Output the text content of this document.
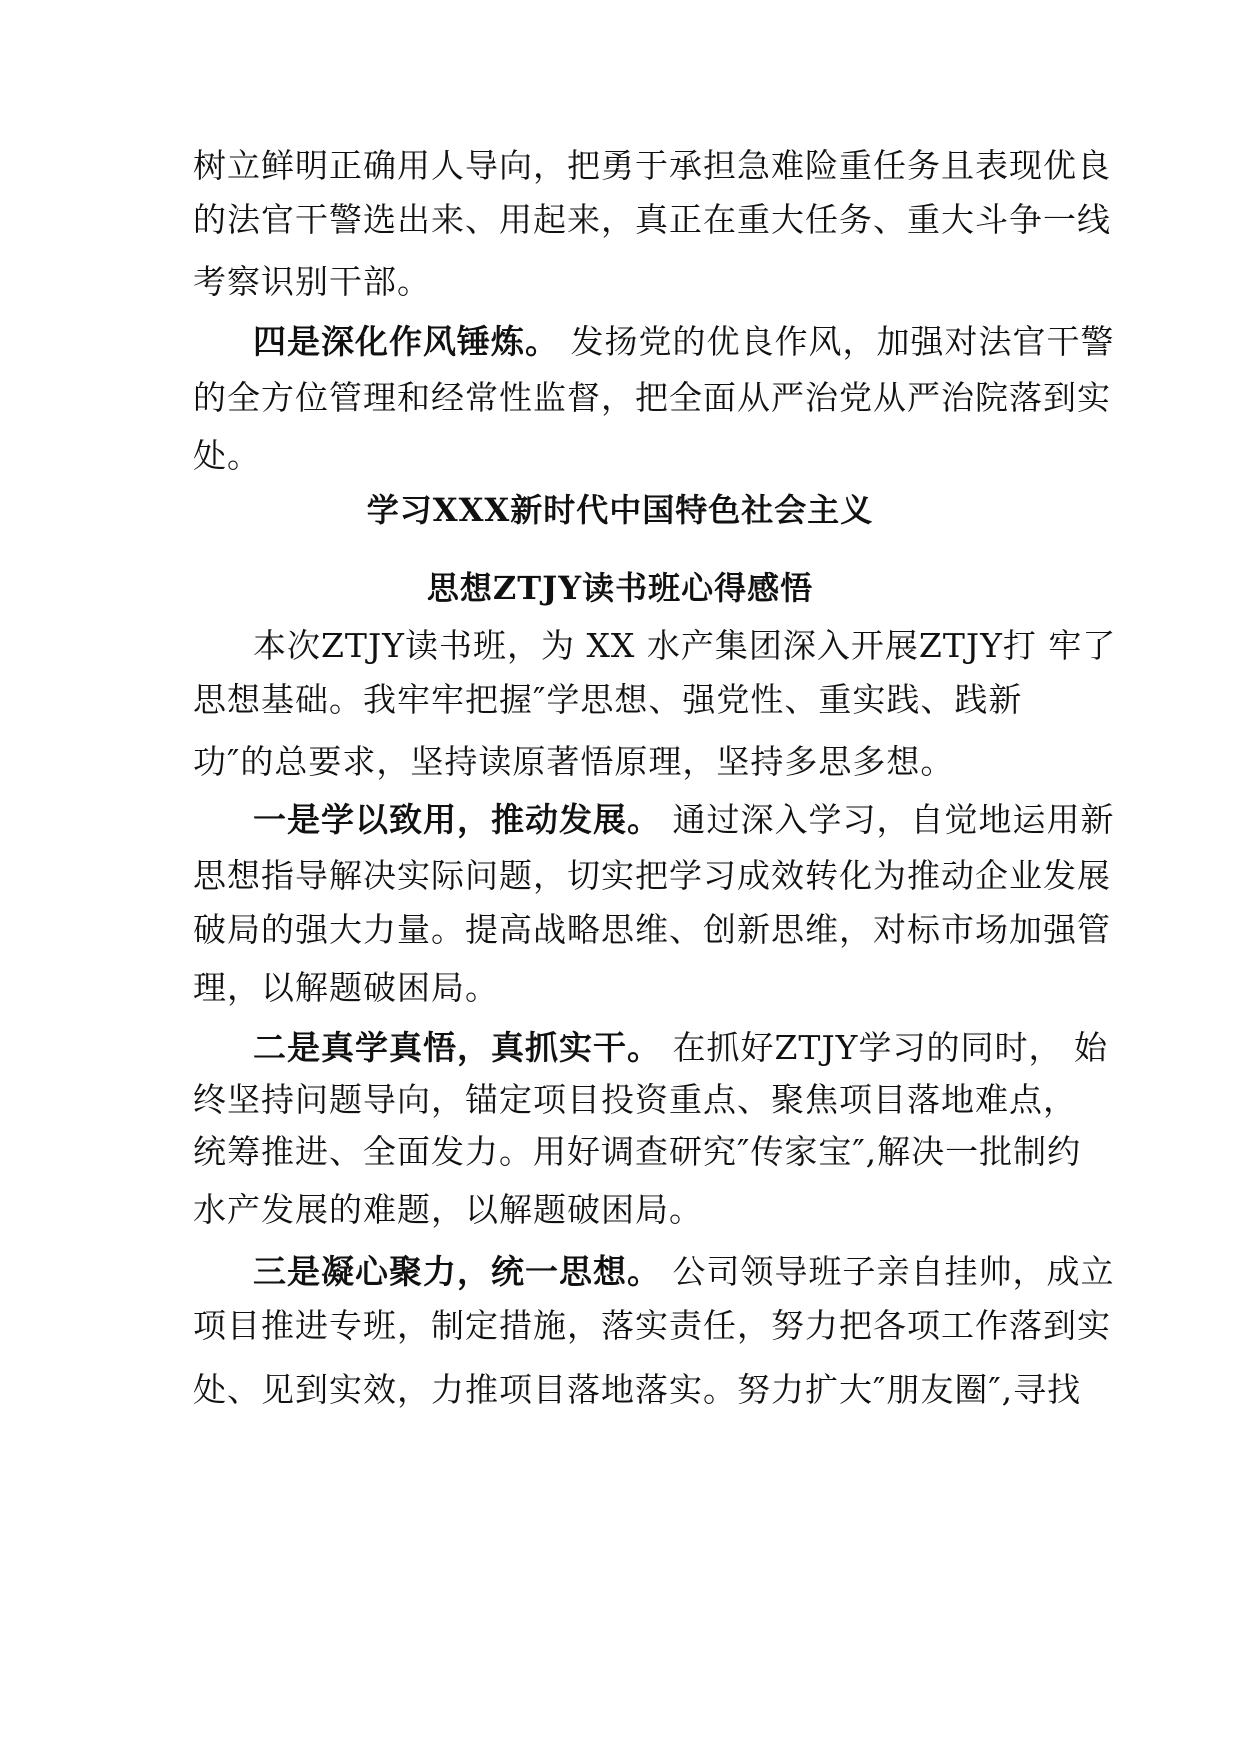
树立鲜明正确用人导向，把勇于承担急难险重任务且表现优良
的法官干警选出来、用起来，真正在重大任务、重大斗争一线
考察识别干部。
四是深化作风锤炼。 发扬党的优良作风，加强对法官干警
的全方位管理和经常性监督，把全面从严治党从严治院落到实
处。
学习XXX新时代中国特色社会主义
思想ZTJY读书班心得感悟
本次ZTJY读书班，为 XX 水产集团深入开展ZTJY打 牢了
思想基础。我牢牢把握″学思想、强党性、重实践、践新
功″的总要求，坚持读原著悟原理，坚持多思多想。
一是学以致用，推动发展。 通过深入学习，自觉地运用新
思想指导解决实际问题，切实把学习成效转化为推动企业发展
破局的强大力量。提高战略思维、创新思维，对标市场加强管
理，以解题破困局。
二是真学真悟，真抓实干。 在抓好ZTJY学习的同时， 始
终坚持问题导向，锚定项目投资重点、聚焦项目落地难点，
统筹推进、全面发力。用好调查研究″传家宝″,解决一批制约
水产发展的难题，以解题破困局。
三是凝心聚力，统一思想。 公司领导班子亲自挂帅，成立
项目推进专班，制定措施，落实责任，努力把各项工作落到实
处、见到实效，力推项目落地落实。努力扩大″朋友圈″,寻找
